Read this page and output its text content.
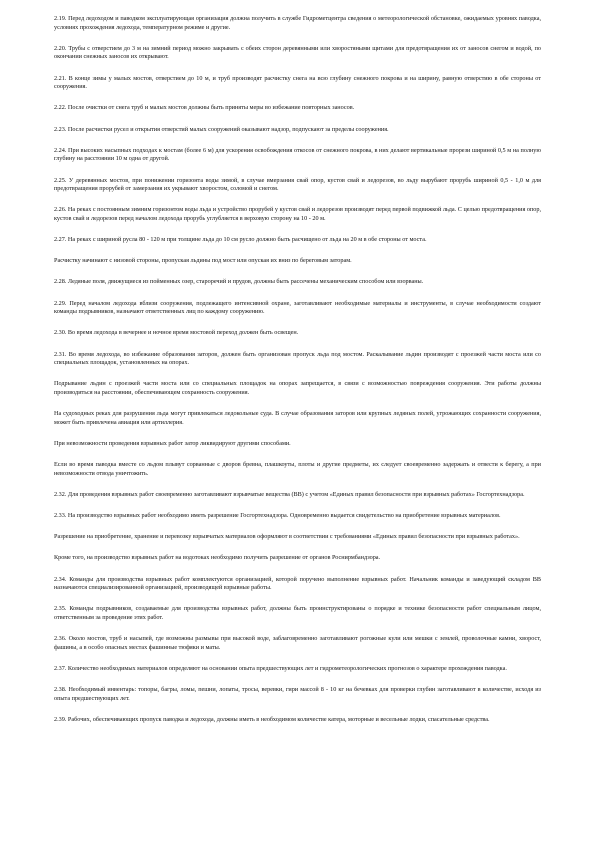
2.19. Перед ледоходом и паводком эксплуатирующая организация должна получить в службе Гидрометцентра сведения о метеорологической обстановке, ожидаемых уровнях паводка, условиях прохождения ледохода, температурном режиме и другие.
2.20. Трубы с отверстием до 3 м на зимний период можно закрывать с обеих сторон деревянными или хворостяными щитами для предотвращения их от заносов снегом и водой, по окончании снежных заносов их открывают.
2.21. В конце зимы у малых мостов, отверстием до 10 м, и труб производят расчистку снега на всю глубину снежного покрова и на ширину, равную отверстию в обе стороны от сооружения.
2.22. После очистки от снега труб и малых мостов должны быть приняты меры во избежание повторных заносов.
2.23. После расчистки русел и открытия отверстий малых сооружений оказывают надзор, подпускают за пределы сооружения.
2.24. При высоких насыпных подходах к мостам (более 6 м) для ускорения освобождения откосов от снежного покрова, в них делают вертикальные прорези шириной 0,5 м на полную глубину на расстоянии 10 м одна от другой.
2.25. У деревянных мостов, при понижении горизонта воды зимой, в случае вмерзания свай опор, кустов свай и ледорезов, во льду вырубают прорубь шириной 0,5 - 1,0 м для предотвращения прорубей от замерзания их укрывают хворостом, соломой и снегом.
2.26. На реках с постоянным зимним горизонтом воды льда и устройство прорубей у кустов свай и ледорезов производят перед первой подвижкой льда. С целью предотвращения опор, кустов свай и ледорезов перед началом ледохода прорубь углубляется в верховую сторону на 10 - 20 м.
2.27. На реках с шириной русла 80 - 120 м при толщине льда до 10 см русло должно быть расчищено от льда на 20 м в обе стороны от моста.
Расчистку начинают с низовой стороны, пропуская льдины под мост или опуская их вниз по береговым заторам.
2.28. Ледяные поля, движущиеся из пойменных озер, староречий и прудов, должны быть рассечены механическим способом или взорваны.
2.29. Перед началом ледохода вблизи сооружения, подлежащего интенсивной охране, заготавливают необходимые материалы и инструменты, в случае необходимости создают команды подрывников, назначают ответственных лиц по каждому сооружению.
2.30. Во время ледохода в вечернее и ночное время мостовой переход должен быть освещен.
2.31. Во время ледохода, во избежание образования заторов, должен быть организован пропуск льда под мостом. Раскалывание льдин производят с проезжей части моста или со специальных площадок, установленных на опорах.
Подрывание льдин с проезжей части моста или со специальных площадок на опорах запрещается, в связи с возможностью повреждения сооружения. Эти работы должны производиться на расстоянии, обеспечивающем сохранность сооружения.
На судоходных реках для разрушения льда могут привлекаться ледокольные суда. В случае образования заторов или крупных ледяных полей, угрожающих сохранности сооружения, может быть привлечена авиация или артиллерия.
При невозможности проведения взрывных работ затор ликвидируют другими способами.
Если во время паводка вместе со льдом плывут сорванные с дворов бревна, плашкоуты, плоты и другие предметы, их следует своевременно задержать и отвести к берегу, а при невозможности отвода уничтожить.
2.32. Для проведения взрывных работ своевременно заготавливают взрывчатые вещества (ВВ) с учетом «Единых правил безопасности при взрывных работах» Госгортехнадзора.
2.33. На производство взрывных работ необходимо иметь разрешение Госгортехнадзора. Одновременно выдается свидетельство на приобретение взрывных материалов.
Разрешение на приобретение, хранение и перевозку взрывчатых материалов оформляют в соответствии с требованиями «Единых правил безопасности при взрывных работах».
Кроме того, на производство взрывных работ на водотоках необходимо получить разрешение от органов Роснирмбандзора.
2.34. Команды для производства взрывных работ комплектуются организацией, которой поручено выполнение взрывных работ. Начальник команды и заведующий складом ВВ назначаются специализированной организацией, производящей взрывные работы.
2.35. Команды подрывников, создаваемые для производства взрывных работ, должны быть проинструктированы о порядке и технике безопасности работ специальным лицом, ответственным за проведение этих работ.
2.36. Около мостов, труб и насыпей, где возможны размывы при высокой воде, заблаговременно заготавливают рогожные кули или мешки с землей, проволочные камни, хворост, фашины, а в особо опасных местах фашинные тюфяки и маты.
2.37. Количество необходимых материалов определяют на основании опыта предшествующих лет и гидрометеорологических прогнозов о характере прохождения паводка.
2.38. Необходимый инвентарь: топоры, багры, ломы, пешни, лопаты, тросы, веревки, гири массой 8 - 10 кг на бечевках для проверки глубин заготавливают в количестве, исходя из опыта предшествующих лет.
2.39. Рабочих, обеспечивающих пропуск паводка и ледохода, должны иметь в необходимом количестве катера, моторные и весельные лодки, спасательные средства.
